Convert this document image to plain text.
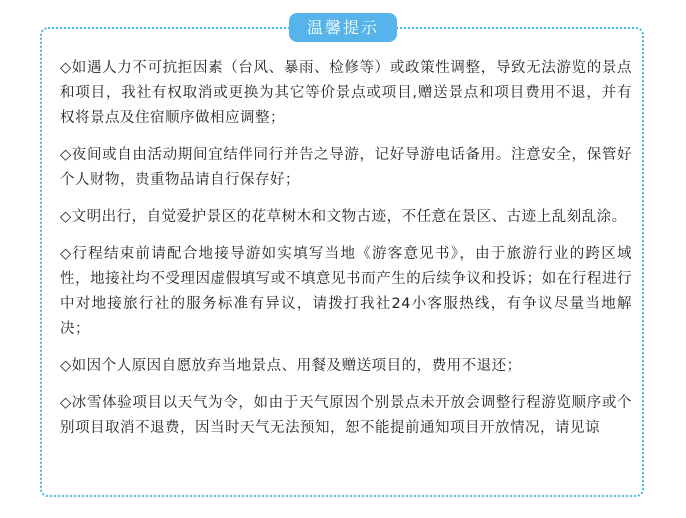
温馨提示

◇如遇人力不可抗拒因素（台风、暴雨、检修等）或政策性调整，导致无法游览的景点和项目，我社有权取消或更换为其它等价景点或项目,赠送景点和项目费用不退，并有权将景点及住宿顺序做相应调整；

◇夜间或自由活动期间宜结伴同行并告之导游，记好导游电话备用。注意安全，保管好个人财物，贵重物品请自行保存好；

◇文明出行，自觉爱护景区的花草树木和文物古迹，不任意在景区、古迹上乱刻乱涂。

◇行程结束前请配合地接导游如实填写当地《游客意见书》，由于旅游行业的跨区域性，地接社均不受理因虚假填写或不填意见书而产生的后续争议和投诉；如在行程进行中对地接旅行社的服务标准有异议，请拨打我社24小客服热线，有争议尽量当地解决；

◇如因个人原因自愿放弃当地景点、用餐及赠送项目的，费用不退还；

◇冰雪体验项目以天气为令，如由于天气原因个别景点未开放会调整行程游览顺序或个别项目取消不退费，因当时天气无法预知，恕不能提前通知项目开放情况，请见谅
